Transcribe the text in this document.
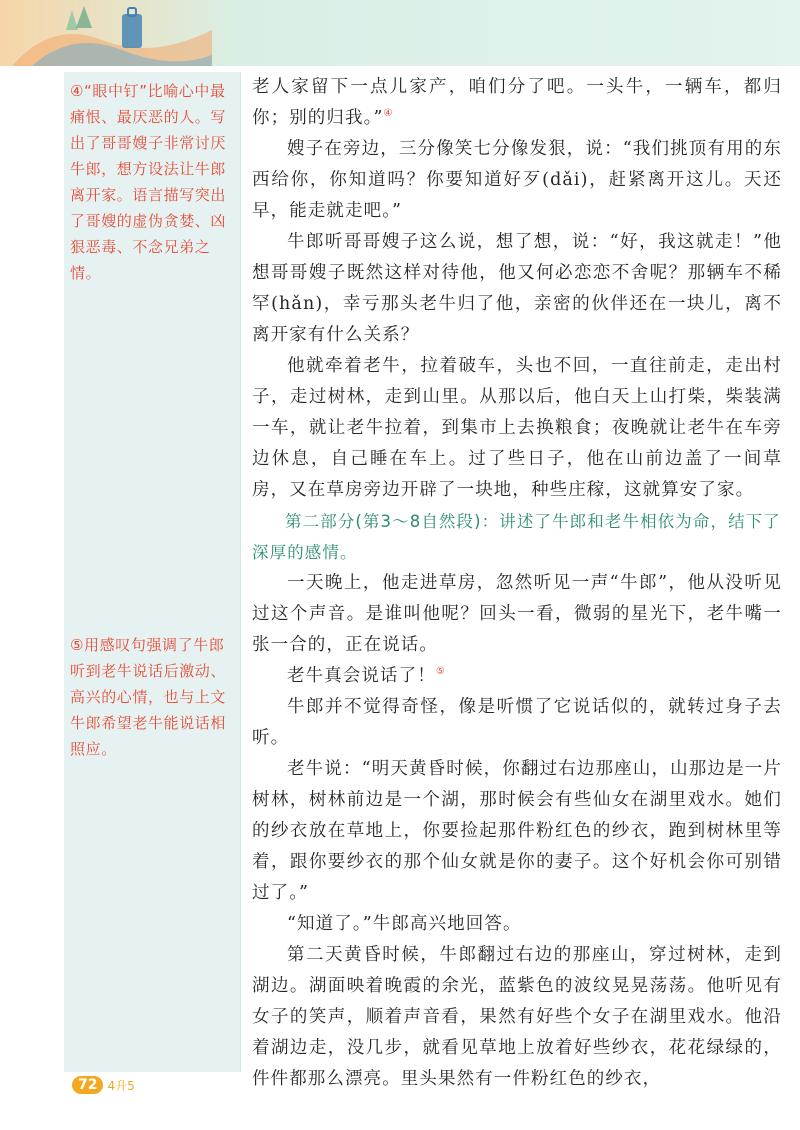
④“眼中钉”比喻心中最痛恨、最厌恶的人。写出了哥哥嫂子非常讨厌牛郎，想方设法让牛郎离开家。语言描写突出了哥嫂的虚伪贪婪、凶狠恶毒、不念兄弟之情。
⑤用感叹句强调了牛郎听到老牛说话后激动、高兴的心情，也与上文牛郎希望老牛能说话相照应。

老人家留下一点儿家产，咱们分了吧。一头牛，一辆车，都归你；别的归我。”④

嫂子在旁边，三分像笑七分像发狠，说：“我们挑顶有用的东西给你，你知道吗？你要知道好歹(dǎi)，赶紧离开这儿。天还早，能走就走吧。”

牛郎听哥哥嫂子这么说，想了想，说：“好，我这就走！”他想哥哥嫂子既然这样对待他，他又何必恋恋不舍呢？那辆车不稀罕(hǎn)，幸亏那头老牛归了他，亲密的伙伴还在一块儿，离不离开家有什么关系？

他就牵着老牛，拉着破车，头也不回，一直往前走，走出村子，走过树林，走到山里。从那以后，他白天上山打柴，柴装满一车，就让老牛拉着，到集市上去换粮食；夜晚就让老牛在车旁边休息，自己睡在车上。过了些日子，他在山前边盖了一间草房，又在草房旁边开辟了一块地，种些庄稼，这就算安了家。

第二部分(第3～8自然段)：讲述了牛郎和老牛相依为命，结下了深厚的感情。

一天晚上，他走进草房，忽然听见一声“牛郎”，他从没听见过这个声音。是谁叫他呢？回头一看，微弱的星光下，老牛嘴一张一合的，正在说话。

老牛真会说话了！⑤

牛郎并不觉得奇怪，像是听惯了它说话似的，就转过身子去听。

老牛说：“明天黄昏时候，你翻过右边那座山，山那边是一片树林，树林前边是一个湖，那时候会有些仙女在湖里戏水。她们的纱衣放在草地上，你要捡起那件粉红色的纱衣，跑到树林里等着，跟你要纱衣的那个仙女就是你的妻子。这个好机会你可别错过了。”

“知道了。”牛郎高兴地回答。

第二天黄昏时候，牛郎翻过右边的那座山，穿过树林，走到湖边。湖面映着晚霞的余光，蓝紫色的波纹晃晃荡荡。他听见有女子的笑声，顺着声音看，果然有好些个女子在湖里戏水。他沿着湖边走，没几步，就看见草地上放着好些纱衣，花花绿绿的，件件都那么漂亮。里头果然有一件粉红色的纱衣，

72 4升5
